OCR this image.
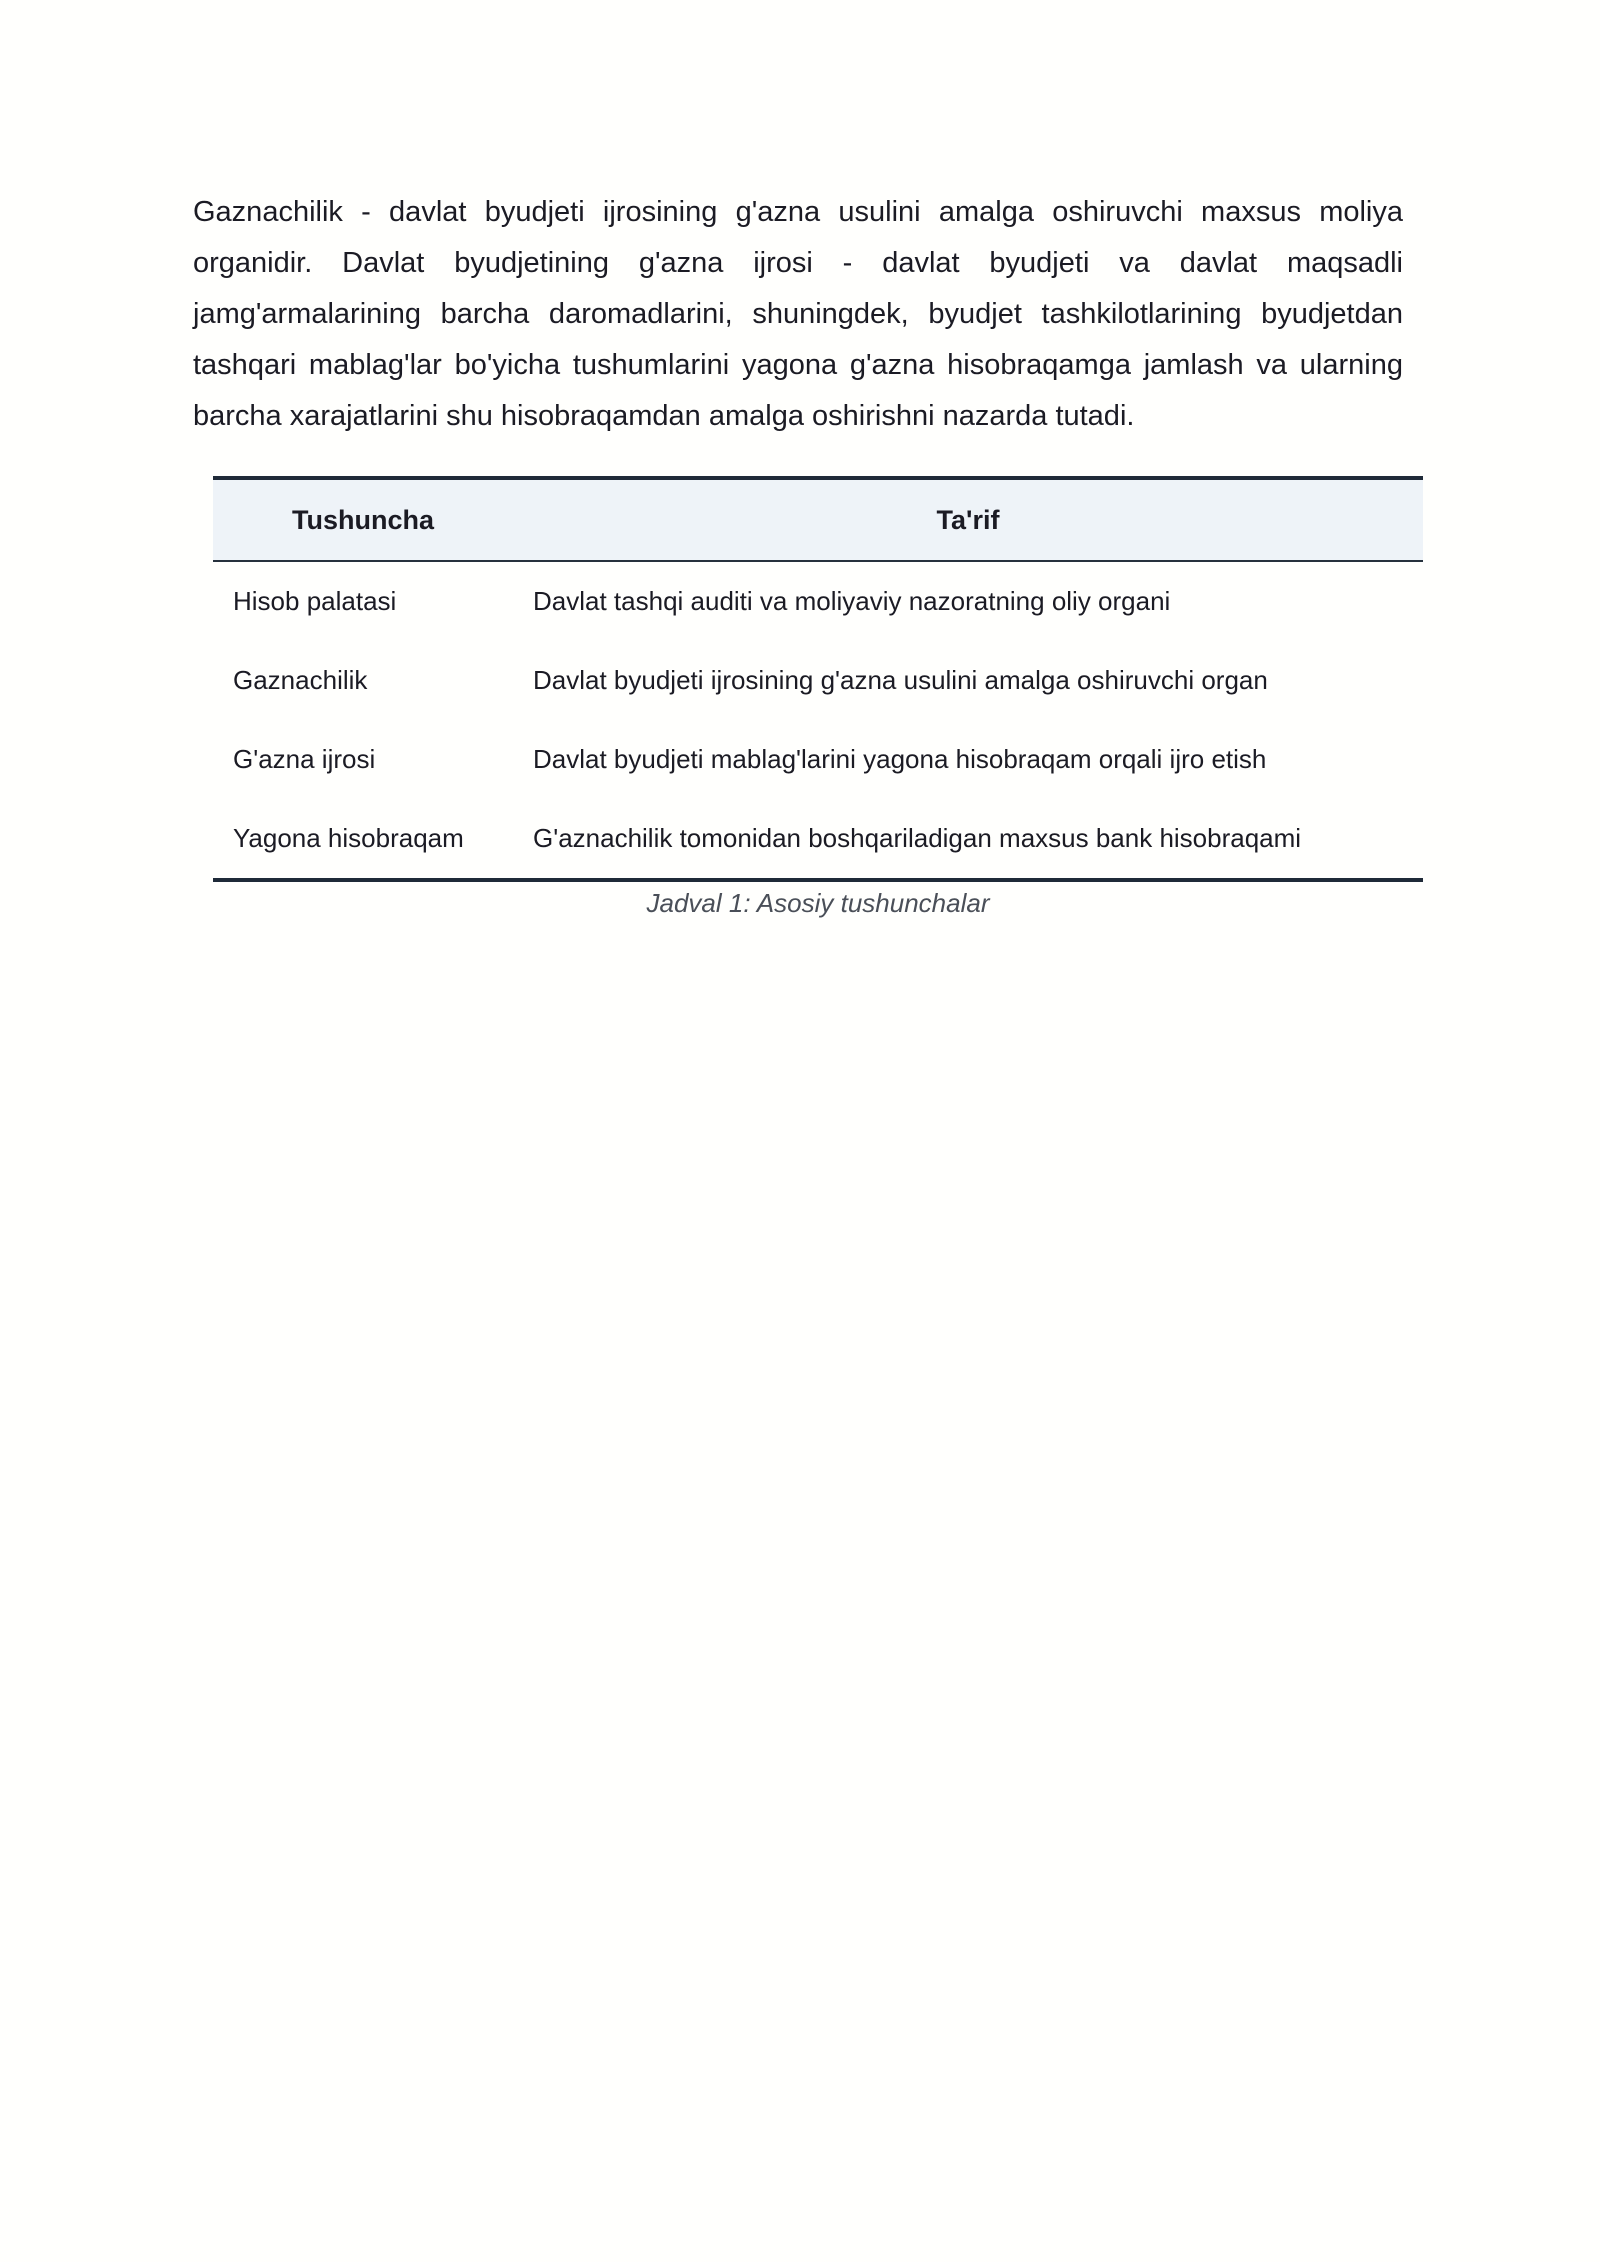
Gaznachilik - davlat byudjeti ijrosining g'azna usulini amalga oshiruvchi maxsus moliya organidir. Davlat byudjetining g'azna ijrosi - davlat byudjeti va davlat maqsadli jamg'armalarining barcha daromadlarini, shuningdek, byudjet tashkilotlarining byudjetdan tashqari mablag'lar bo'yicha tushumlarini yagona g'azna hisobraqamga jamlash va ularning barcha xarajatlarini shu hisobraqamdan amalga oshirishni nazarda tutadi.

Tushuncha	Ta'rif
Hisob palatasi	Davlat tashqi auditi va moliyaviy nazoratning oliy organi
Gaznachilik	Davlat byudjeti ijrosining g'azna usulini amalga oshiruvchi organ
G'azna ijrosi	Davlat byudjeti mablag'larini yagona hisobraqam orqali ijro etish
Yagona hisobraqam	G'aznachilik tomonidan boshqariladigan maxsus bank hisobraqami
Jadval 1: Asosiy tushunchalar
